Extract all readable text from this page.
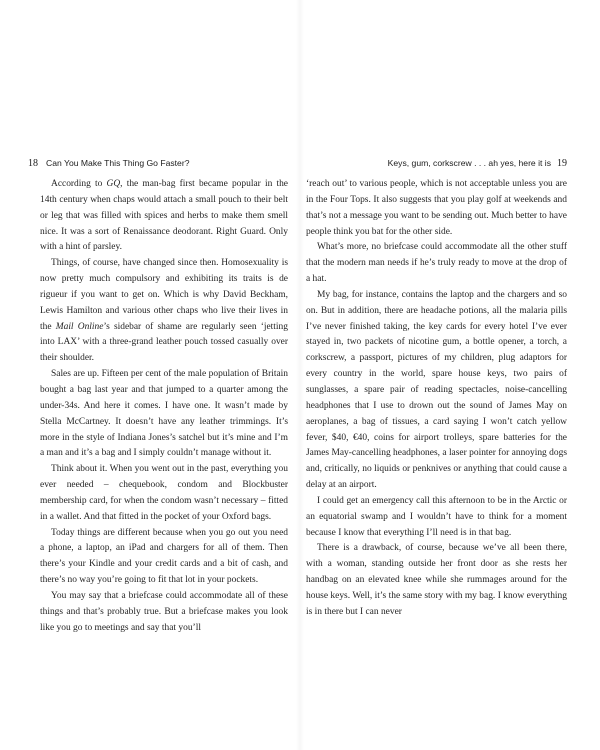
18 Can You Make This Thing Go Faster?

According to GQ, the man-bag first became popular in the 14th century when chaps would attach a small pouch to their belt or leg that was filled with spices and herbs to make them smell nice. It was a sort of Renaissance deodorant. Right Guard. Only with a hint of parsley.

Things, of course, have changed since then. Homosexuality is now pretty much compulsory and exhibiting its traits is de rigueur if you want to get on. Which is why David Beckham, Lewis Hamilton and various other chaps who live their lives in the Mail Online’s sidebar of shame are regularly seen ‘jetting into LAX’ with a three-grand leather pouch tossed casually over their shoulder.

Sales are up. Fifteen per cent of the male population of Britain bought a bag last year and that jumped to a quarter among the under-34s. And here it comes. I have one. It wasn’t made by Stella McCartney. It doesn’t have any leather trimmings. It’s more in the style of Indiana Jones’s satchel but it’s mine and I’m a man and it’s a bag and I simply couldn’t manage without it.

Think about it. When you went out in the past, everything you ever needed – chequebook, condom and Blockbuster membership card, for when the condom wasn’t necessary – fitted in a wallet. And that fitted in the pocket of your Oxford bags.

Today things are different because when you go out you need a phone, a laptop, an iPad and chargers for all of them. Then there’s your Kindle and your credit cards and a bit of cash, and there’s no way you’re going to fit that lot in your pockets.

You may say that a briefcase could accommodate all of these things and that’s probably true. But a briefcase makes you look like you go to meetings and say that you’ll

Keys, gum, corkscrew . . . ah yes, here it is 19

‘reach out’ to various people, which is not acceptable unless you are in the Four Tops. It also suggests that you play golf at weekends and that’s not a message you want to be sending out. Much better to have people think you bat for the other side.

What’s more, no briefcase could accommodate all the other stuff that the modern man needs if he’s truly ready to move at the drop of a hat.

My bag, for instance, contains the laptop and the chargers and so on. But in addition, there are headache potions, all the malaria pills I’ve never finished taking, the key cards for every hotel I’ve ever stayed in, two packets of nicotine gum, a bottle opener, a torch, a corkscrew, a passport, pictures of my children, plug adaptors for every country in the world, spare house keys, two pairs of sunglasses, a spare pair of reading spectacles, noise-cancelling headphones that I use to drown out the sound of James May on aeroplanes, a bag of tissues, a card saying I won’t catch yellow fever, $40, €40, coins for airport trolleys, spare batteries for the James May-cancelling headphones, a laser pointer for annoying dogs and, critically, no liquids or penknives or anything that could cause a delay at an airport.

I could get an emergency call this afternoon to be in the Arctic or an equatorial swamp and I wouldn’t have to think for a moment because I know that everything I’ll need is in that bag.

There is a drawback, of course, because we’ve all been there, with a woman, standing outside her front door as she rests her handbag on an elevated knee while she rummages around for the house keys. Well, it’s the same story with my bag. I know everything is in there but I can never
